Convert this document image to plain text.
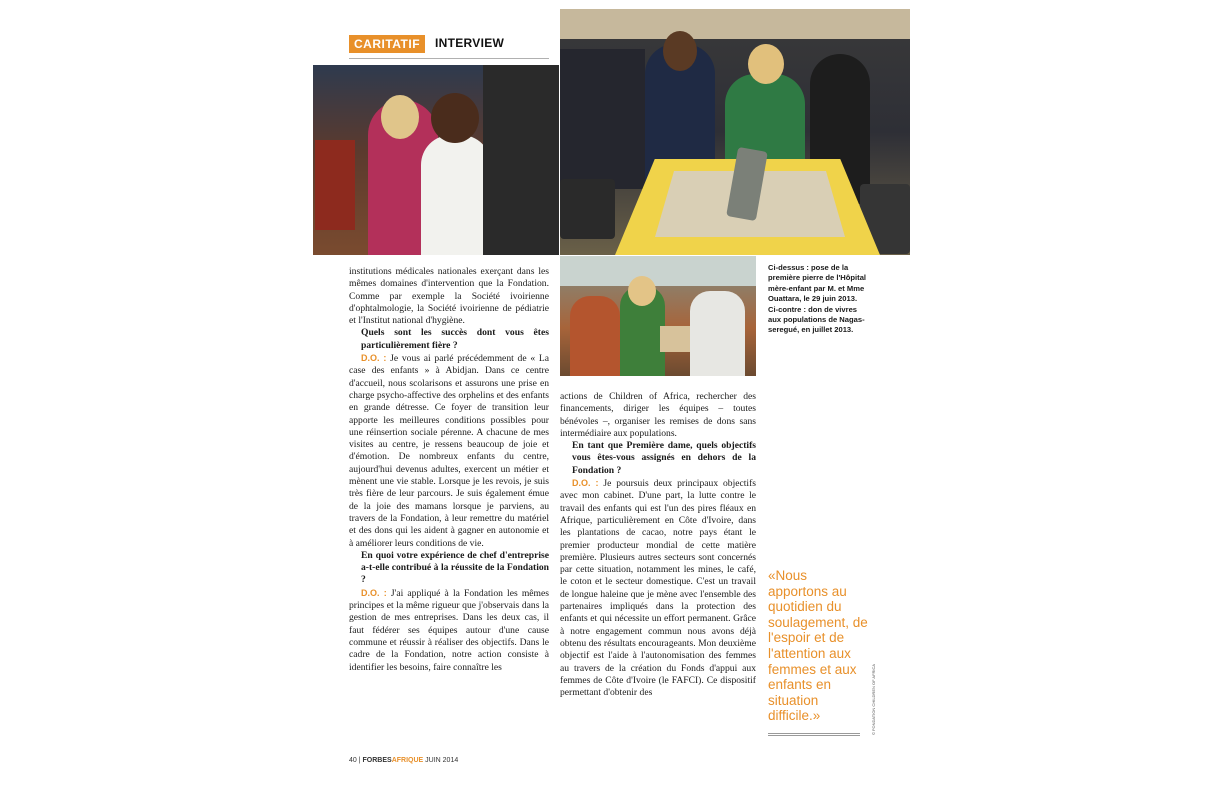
CARITATIF	INTERVIEW

Ci-dessus : pose de la première pierre de l'Hôpital mère-enfant par M. et Mme Ouattara, le 29 juin 2013.

Ci-contre : don de vivres aux populations de Nagas-seregué, en juillet 2013.

institutions médicales nationales exerçant dans les mêmes domaines d'intervention que la Fondation. Comme par exemple la Société ivoirienne d'ophtalmologie, la Société ivoirienne de pédiatrie et l'Institut national d'hygiène.

Quels sont les succès dont vous êtes particulièrement fière ?

D.O. : Je vous ai parlé précédemment de « La case des enfants » à Abidjan. Dans ce centre d'accueil, nous scolarisons et assurons une prise en charge psycho-affective des orphelins et des enfants en grande détresse. Ce foyer de transition leur apporte les meilleures conditions possibles pour une réinsertion sociale pérenne. A chacune de mes visites au centre, je ressens beaucoup de joie et d'émotion. De nombreux enfants du centre, aujourd'hui devenus adultes, exercent un métier et mènent une vie stable. Lorsque je les revois, je suis très fière de leur parcours. Je suis également émue de la joie des mamans lorsque je parviens, au travers de la Fondation, à leur remettre du matériel et des dons qui les aident à gagner en autonomie et à améliorer leurs conditions de vie.

En quoi votre expérience de chef d'entreprise a-t-elle contribué à la réussite de la Fondation ?

D.O. : J'ai appliqué à la Fondation les mêmes principes et la même rigueur que j'observais dans la gestion de mes entreprises. Dans les deux cas, il faut fédérer ses équipes autour d'une cause commune et réussir à réaliser des objectifs. Dans le cadre de la Fondation, notre action consiste à identifier les besoins, faire connaître les

actions de Children of Africa, rechercher des financements, diriger les équipes – toutes bénévoles –, organiser les remises de dons sans intermédiaire aux populations.

En tant que Première dame, quels objectifs vous êtes-vous assignés en dehors de la Fondation ?

D.O. : Je poursuis deux principaux objectifs avec mon cabinet. D'une part, la lutte contre le travail des enfants qui est l'un des pires fléaux en Afrique, particulièrement en Côte d'Ivoire, dans les plantations de cacao, notre pays étant le premier producteur mondial de cette matière première. Plusieurs autres secteurs sont concernés par cette situation, notamment les mines, le café, le coton et le secteur domestique. C'est un travail de longue haleine que je mène avec l'ensemble des partenaires impliqués dans la protection des enfants et qui nécessite un effort permanent. Grâce à notre engagement commun nous avons déjà obtenu des résultats encourageants. Mon deuxième objectif est l'aide à l'autonomisation des femmes au travers de la création du Fonds d'appui aux femmes de Côte d'Ivoire (le FAFCI). Ce dispositif permettant d'obtenir des

«Nous apportons au quotidien du soulagement, de l'espoir et de l'attention aux femmes et aux enfants en situation difficile.»	© FONDATION CHILDREN OF AFRICA
40 | FORBESAFRIQUE JUIN 2014
